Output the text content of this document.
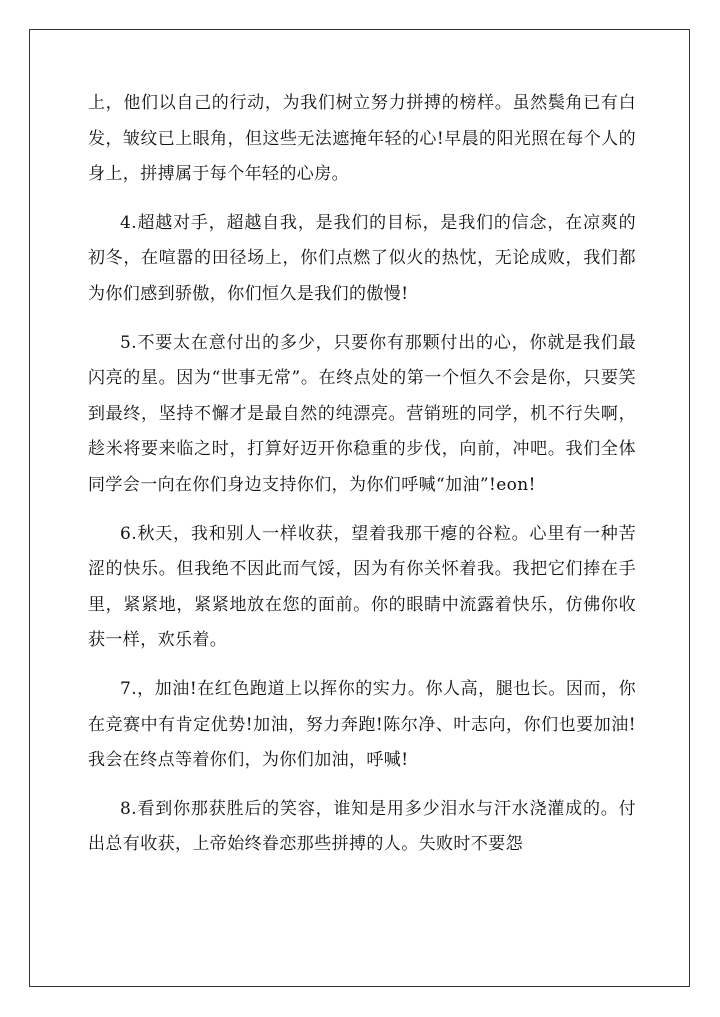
上，他们以自己的行动，为我们树立努力拼搏的榜样。虽然鬓角已有白发，皱纹已上眼角，但这些无法遮掩年轻的心!早晨的阳光照在每个人的身上，拼搏属于每个年轻的心房。

4.超越对手，超越自我，是我们的目标，是我们的信念，在凉爽的初冬，在喧嚣的田径场上，你们点燃了似火的热忱，无论成败，我们都为你们感到骄傲，你们恒久是我们的傲慢!

5.不要太在意付出的多少，只要你有那颗付出的心，你就是我们最闪亮的星。因为“世事无常”。在终点处的第一个恒久不会是你，只要笑到最终，坚持不懈才是最自然的纯漂亮。营销班的同学，机不行失啊，趁米将要来临之时，打算好迈开你稳重的步伐，向前，冲吧。我们全体同学会一向在你们身边支持你们，为你们呼喊“加油”!eon!

6.秋天，我和别人一样收获，望着我那干瘪的谷粒。心里有一种苦涩的快乐。但我绝不因此而气馁，因为有你关怀着我。我把它们捧在手里，紧紧地，紧紧地放在您的面前。你的眼睛中流露着快乐，仿佛你收获一样，欢乐着。

7.，加油!在红色跑道上以挥你的实力。你人高，腿也长。因而，你在竞赛中有肯定优势!加油，努力奔跑!陈尔净、叶志向，你们也要加油!我会在终点等着你们，为你们加油，呼喊!

8.看到你那获胜后的笑容，谁知是用多少泪水与汗水浇灌成的。付出总有收获，上帝始终眷恋那些拼搏的人。失败时不要怨
